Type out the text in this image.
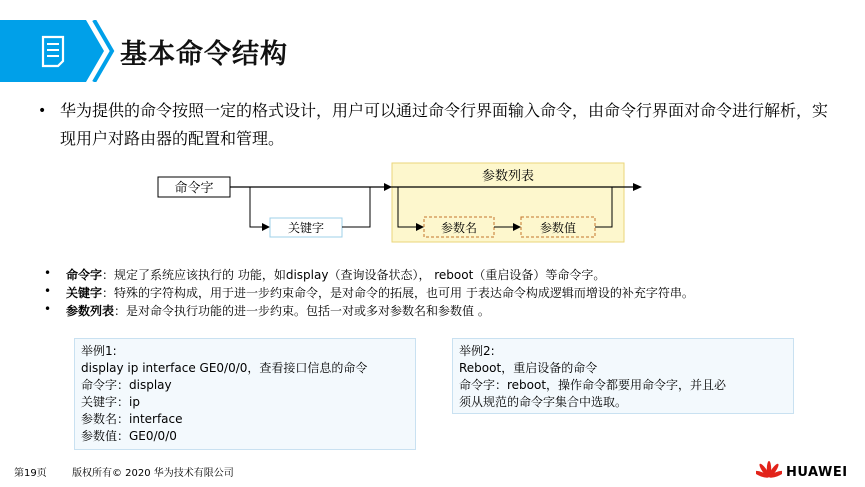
基本命令结构
• 华为提供的命令按照一定的格式设计，用户可以通过命令行界面输入命令，由命令行界面对命令进行解析，实现用户对路由器的配置和管理。
参数列表
命令字
关键字	参数名	参数值
• 命令字：规定了系统应该执行的 功能，如display（查询设备状态）， reboot（重启设备）等命令字。
• 关键字：特殊的字符构成，用于进一步约束命令，是对命令的拓展，也可用 于表达命令构成逻辑而增设的补充字符串。
• 参数列表：是对命令执行功能的进一步约束。包括一对或多对参数名和参数值 。
举例1:
display ip interface GE0/0/0，查看接口信息的命令
命令字：display
关键字：ip
参数名：interface
参数值：GE0/0/0
举例2:
Reboot，重启设备的命令
命令字：reboot，操作命令都要用命令字，并且必
须从规范的命令字集合中选取。
第19页	版权所有© 2020 华为技术有限公司	HUAWEI
